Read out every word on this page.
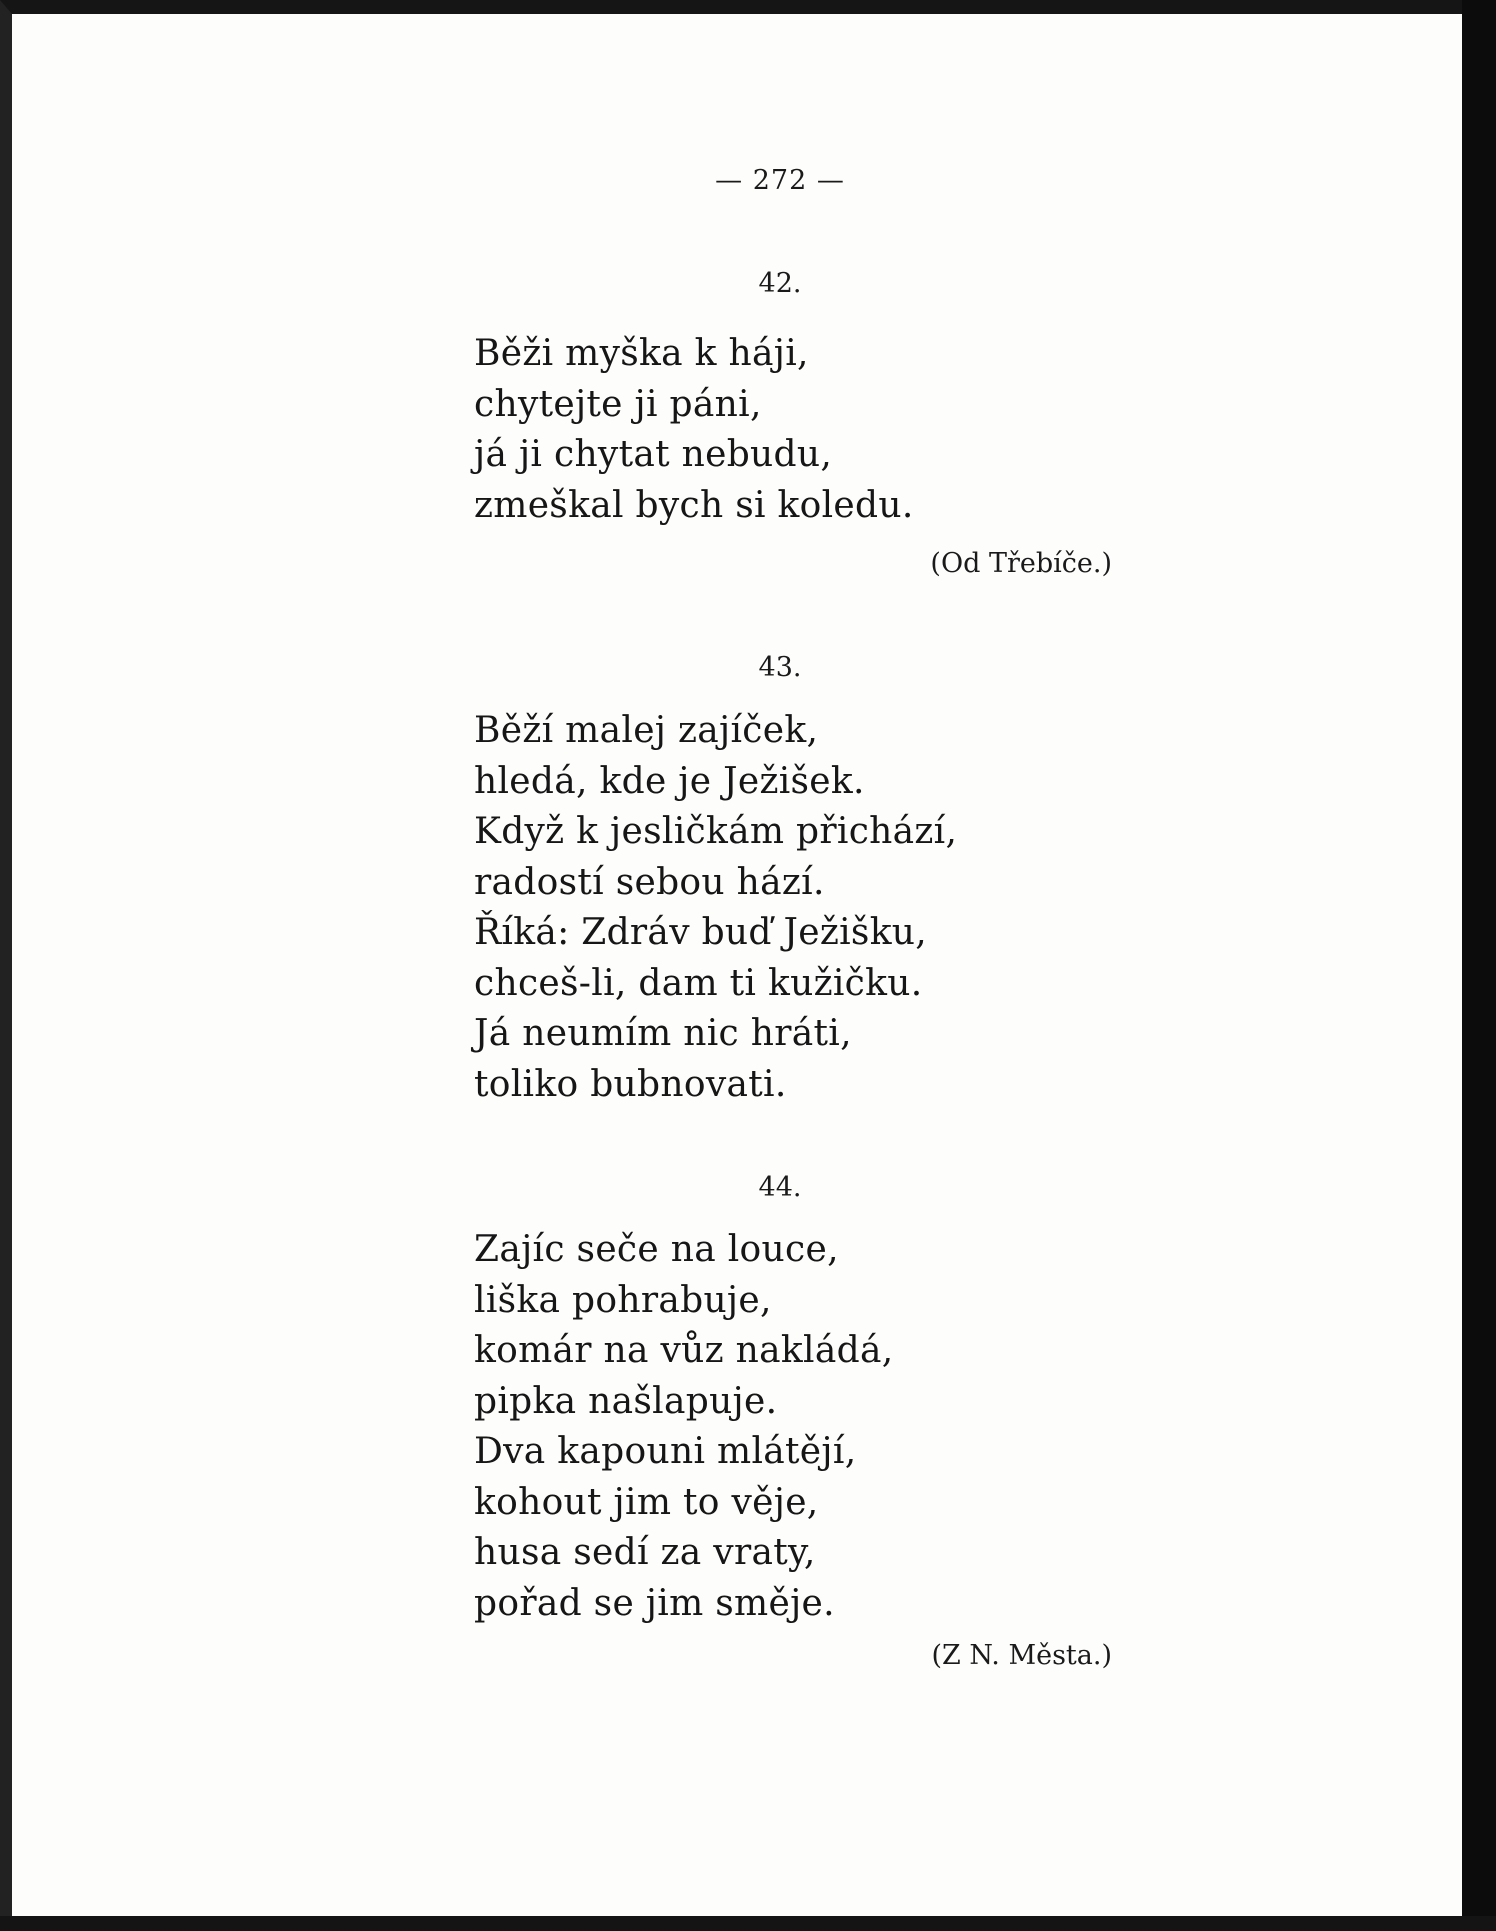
— 272 —
42.
Běži myška k háji,
chytejte ji páni,
já ji chytat nebudu,
zmeškal bych si koledu.
(Od Třebíče.)
43.
Běží malej zajíček,
hledá, kde je Ježišek.
Když k jesličkám přichází,
radostí sebou hází.
Říká: Zdráv buď Ježišku,
chceš-li, dam ti kužičku.
Já neumím nic hráti,
toliko bubnovati.
44.
Zajíc seče na louce,
liška pohrabuje,
komár na vůz nakládá,
pipka našlapuje.
Dva kapouni mlátějí,
kohout jim to věje,
husa sedí za vraty,
pořad se jim směje.
(Z N. Města.)
